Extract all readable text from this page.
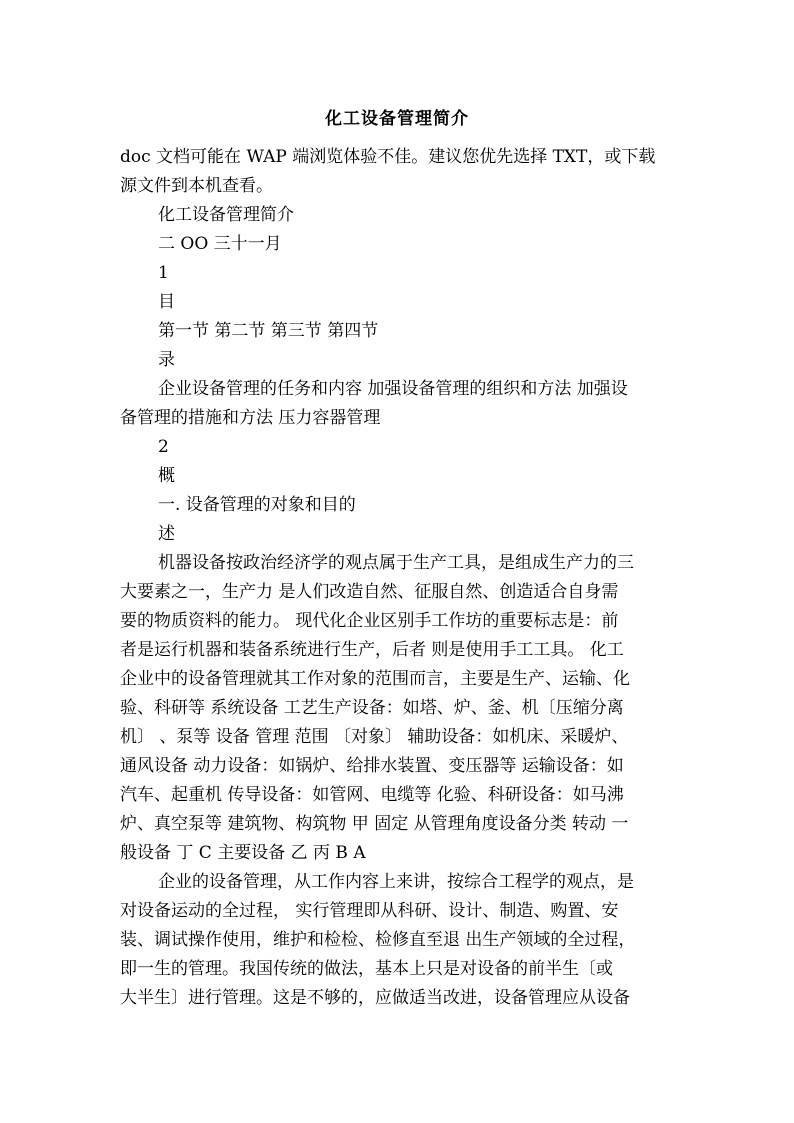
化工设备管理简介
doc 文档可能在 WAP 端浏览体验不佳。建议您优先选择 TXT，或下载
源文件到本机查看。
化工设备管理简介
二 OO 三十一月
1
目
第一节 第二节 第三节 第四节
录
企业设备管理的任务和内容 加强设备管理的组织和方法 加强设
备管理的措施和方法 压力容器管理
2
概
一. 设备管理的对象和目的
述
机器设备按政治经济学的观点属于生产工具，是组成生产力的三
大要素之一，生产力 是人们改造自然、征服自然、创造适合自身需
要的物质资料的能力。 现代化企业区别手工作坊的重要标志是：前
者是运行机器和装备系统进行生产，后者 则是使用手工工具。 化工
企业中的设备管理就其工作对象的范围而言，主要是生产、运输、化
验、科研等 系统设备 工艺生产设备：如塔、炉、釜、机〔压缩分离
机〕 、泵等 设备 管理 范围 〔对象〕 辅助设备：如机床、采暖炉、
通风设备 动力设备：如锅炉、给排水装置、变压器等 运输设备：如
汽车、起重机 传导设备：如管网、电缆等 化验、科研设备：如马沸
炉、真空泵等 建筑物、构筑物 甲 固定 从管理角度设备分类 转动 一
般设备 丁 C 主要设备 乙 丙 B A
企业的设备管理，从工作内容上来讲，按综合工程学的观点，是
对设备运动的全过程， 实行管理即从科研、设计、制造、购置、安
装、调试操作使用，维护和检检、检修直至退 出生产领域的全过程，
即一生的管理。我国传统的做法，基本上只是对设备的前半生〔或
大半生〕进行管理。这是不够的，应做适当改进，设备管理应从设备
